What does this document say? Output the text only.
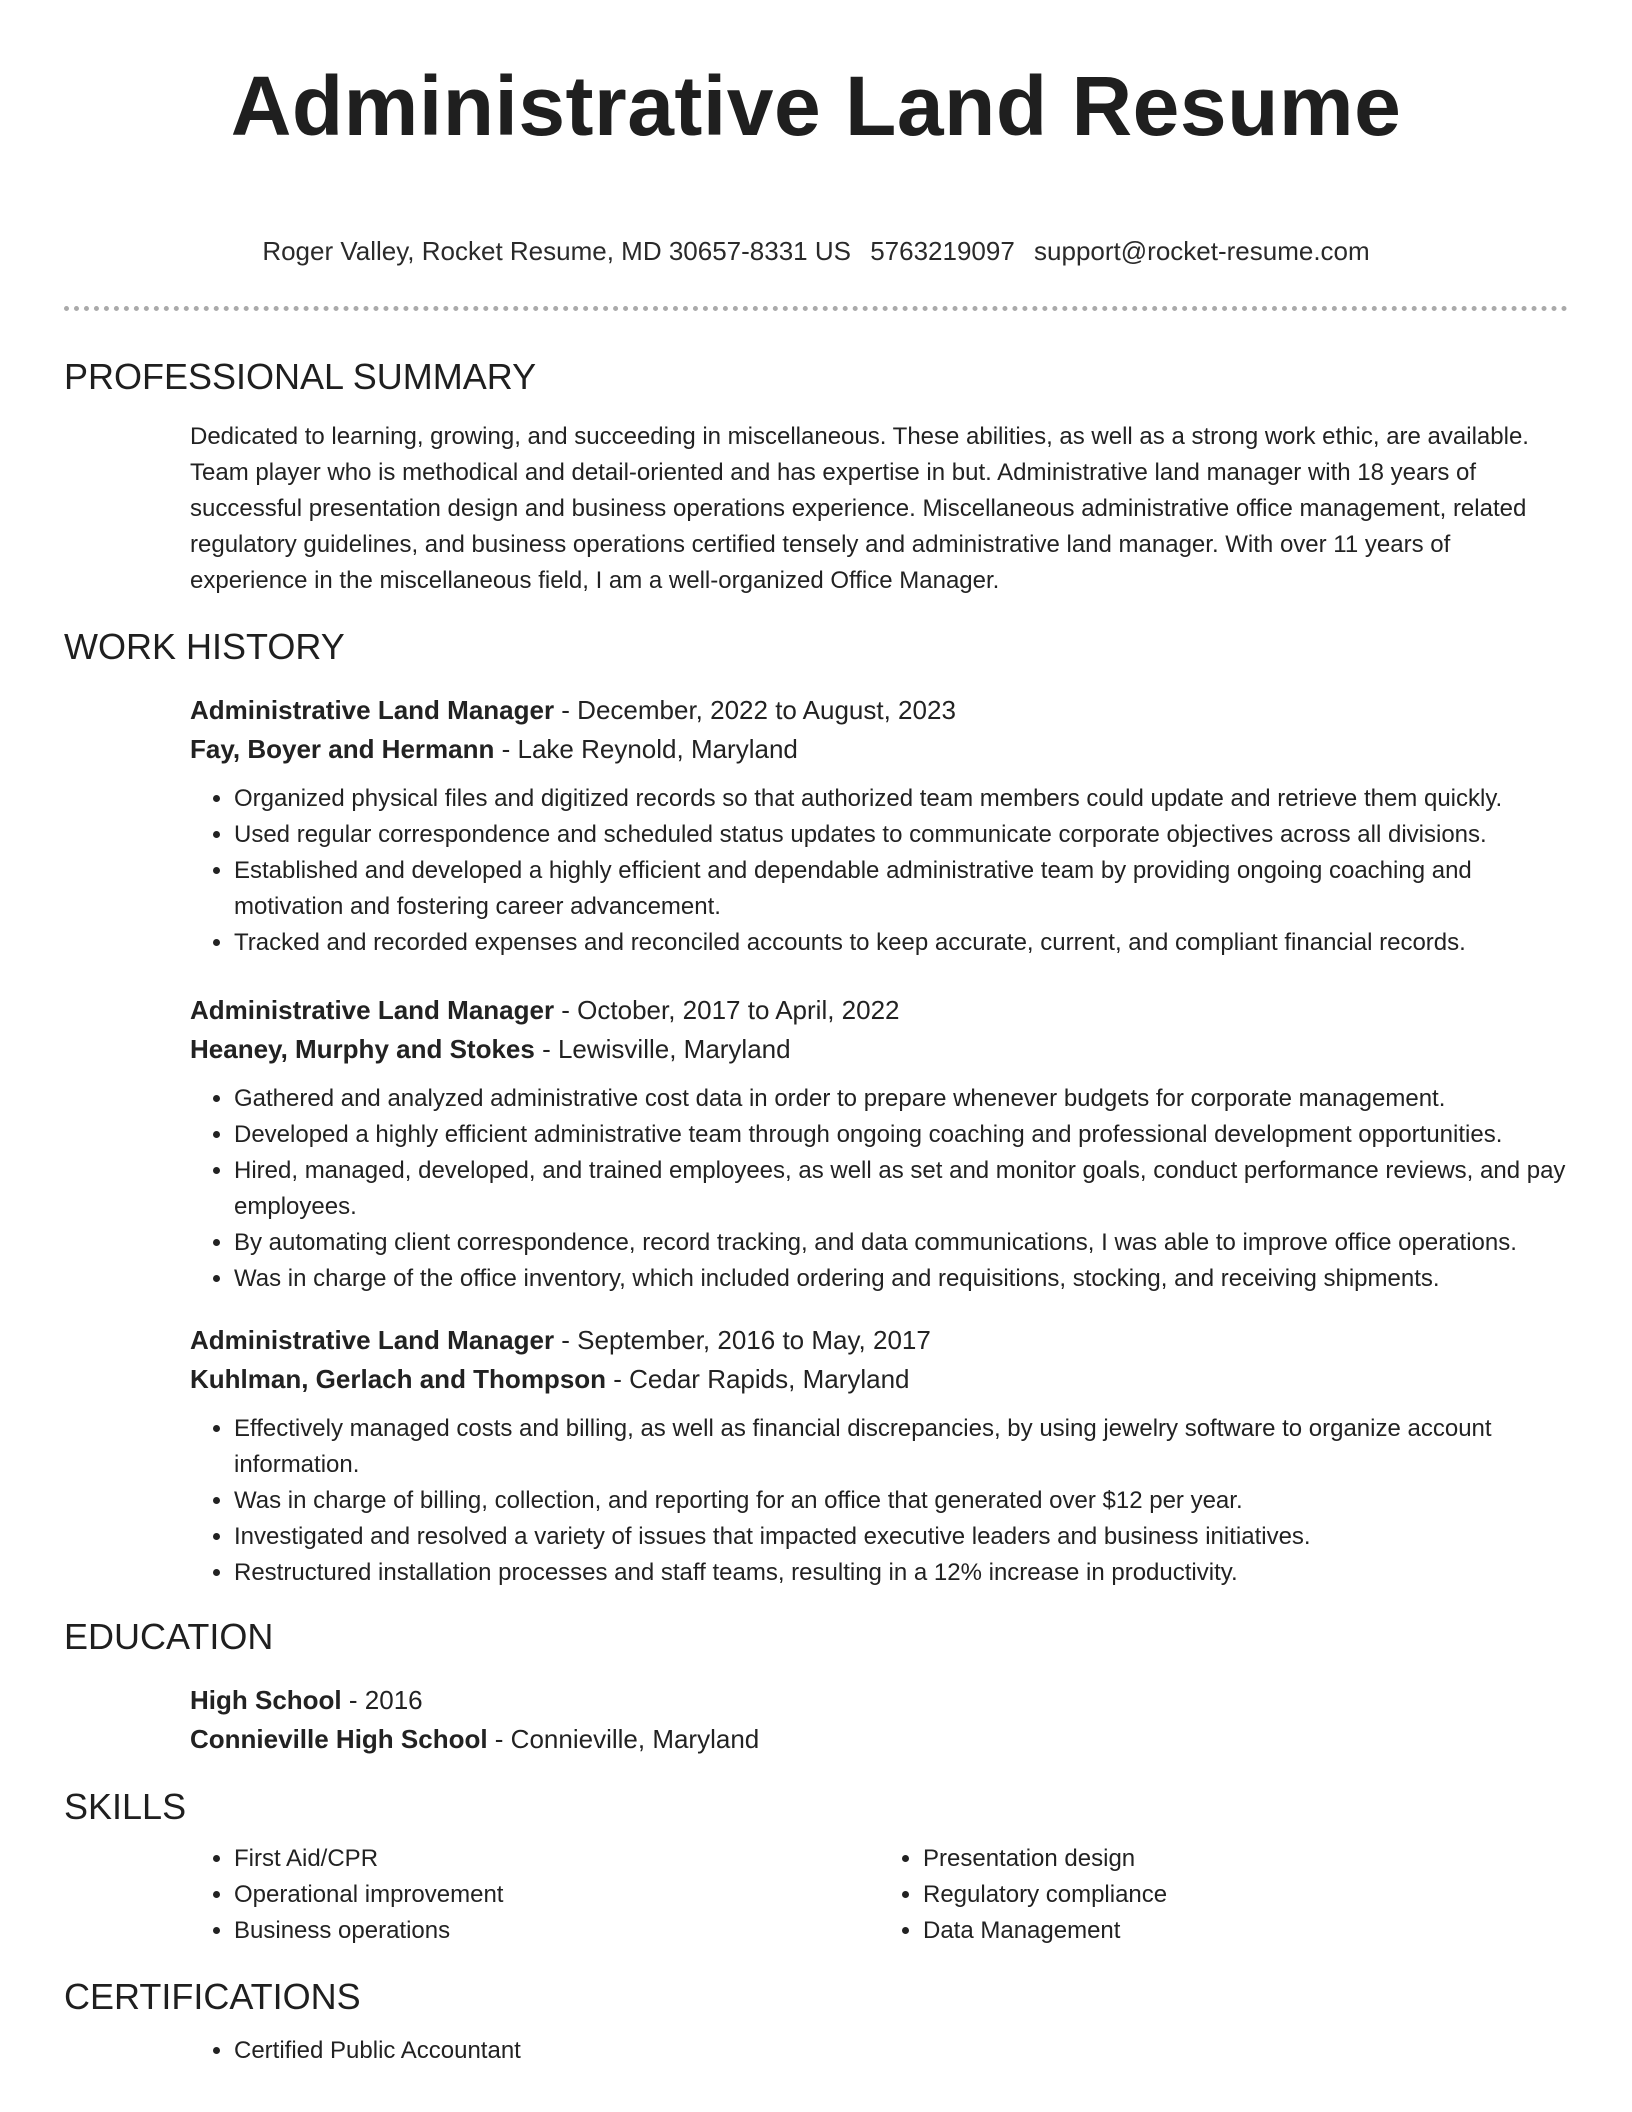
Administrative Land Resume
Roger Valley, Rocket Resume, MD 30657-8331 US 5763219097 support@rocket-resume.com
PROFESSIONAL SUMMARY

Dedicated to learning, growing, and succeeding in miscellaneous. These abilities, as well as a strong work ethic, are available. Team player who is methodical and detail-oriented and has expertise in but. Administrative land manager with 18 years of successful presentation design and business operations experience. Miscellaneous administrative office management, related regulatory guidelines, and business operations certified tensely and administrative land manager. With over 11 years of experience in the miscellaneous field, I am a well-organized Office Manager.

WORK HISTORY
Administrative Land Manager - December, 2022 to August, 2023
Fay, Boyer and Hermann - Lake Reynold, Maryland
• Organized physical files and digitized records so that authorized team members could update and retrieve them quickly.
• Used regular correspondence and scheduled status updates to communicate corporate objectives across all divisions.
• Established and developed a highly efficient and dependable administrative team by providing ongoing coaching and motivation and fostering career advancement.
• Tracked and recorded expenses and reconciled accounts to keep accurate, current, and compliant financial records.
Administrative Land Manager - October, 2017 to April, 2022
Heaney, Murphy and Stokes - Lewisville, Maryland
• Gathered and analyzed administrative cost data in order to prepare whenever budgets for corporate management.
• Developed a highly efficient administrative team through ongoing coaching and professional development opportunities.
• Hired, managed, developed, and trained employees, as well as set and monitor goals, conduct performance reviews, and pay employees.
• By automating client correspondence, record tracking, and data communications, I was able to improve office operations.
• Was in charge of the office inventory, which included ordering and requisitions, stocking, and receiving shipments.
Administrative Land Manager - September, 2016 to May, 2017
Kuhlman, Gerlach and Thompson - Cedar Rapids, Maryland
• Effectively managed costs and billing, as well as financial discrepancies, by using jewelry software to organize account information.
• Was in charge of billing, collection, and reporting for an office that generated over $12 per year.
• Investigated and resolved a variety of issues that impacted executive leaders and business initiatives.
• Restructured installation processes and staff teams, resulting in a 12% increase in productivity.
EDUCATION
High School - 2016
Connieville High School - Connieville, Maryland
SKILLS
• First Aid/CPR
• Operational improvement
• Business operations
• Presentation design
• Regulatory compliance
• Data Management
CERTIFICATIONS
• Certified Public Accountant
